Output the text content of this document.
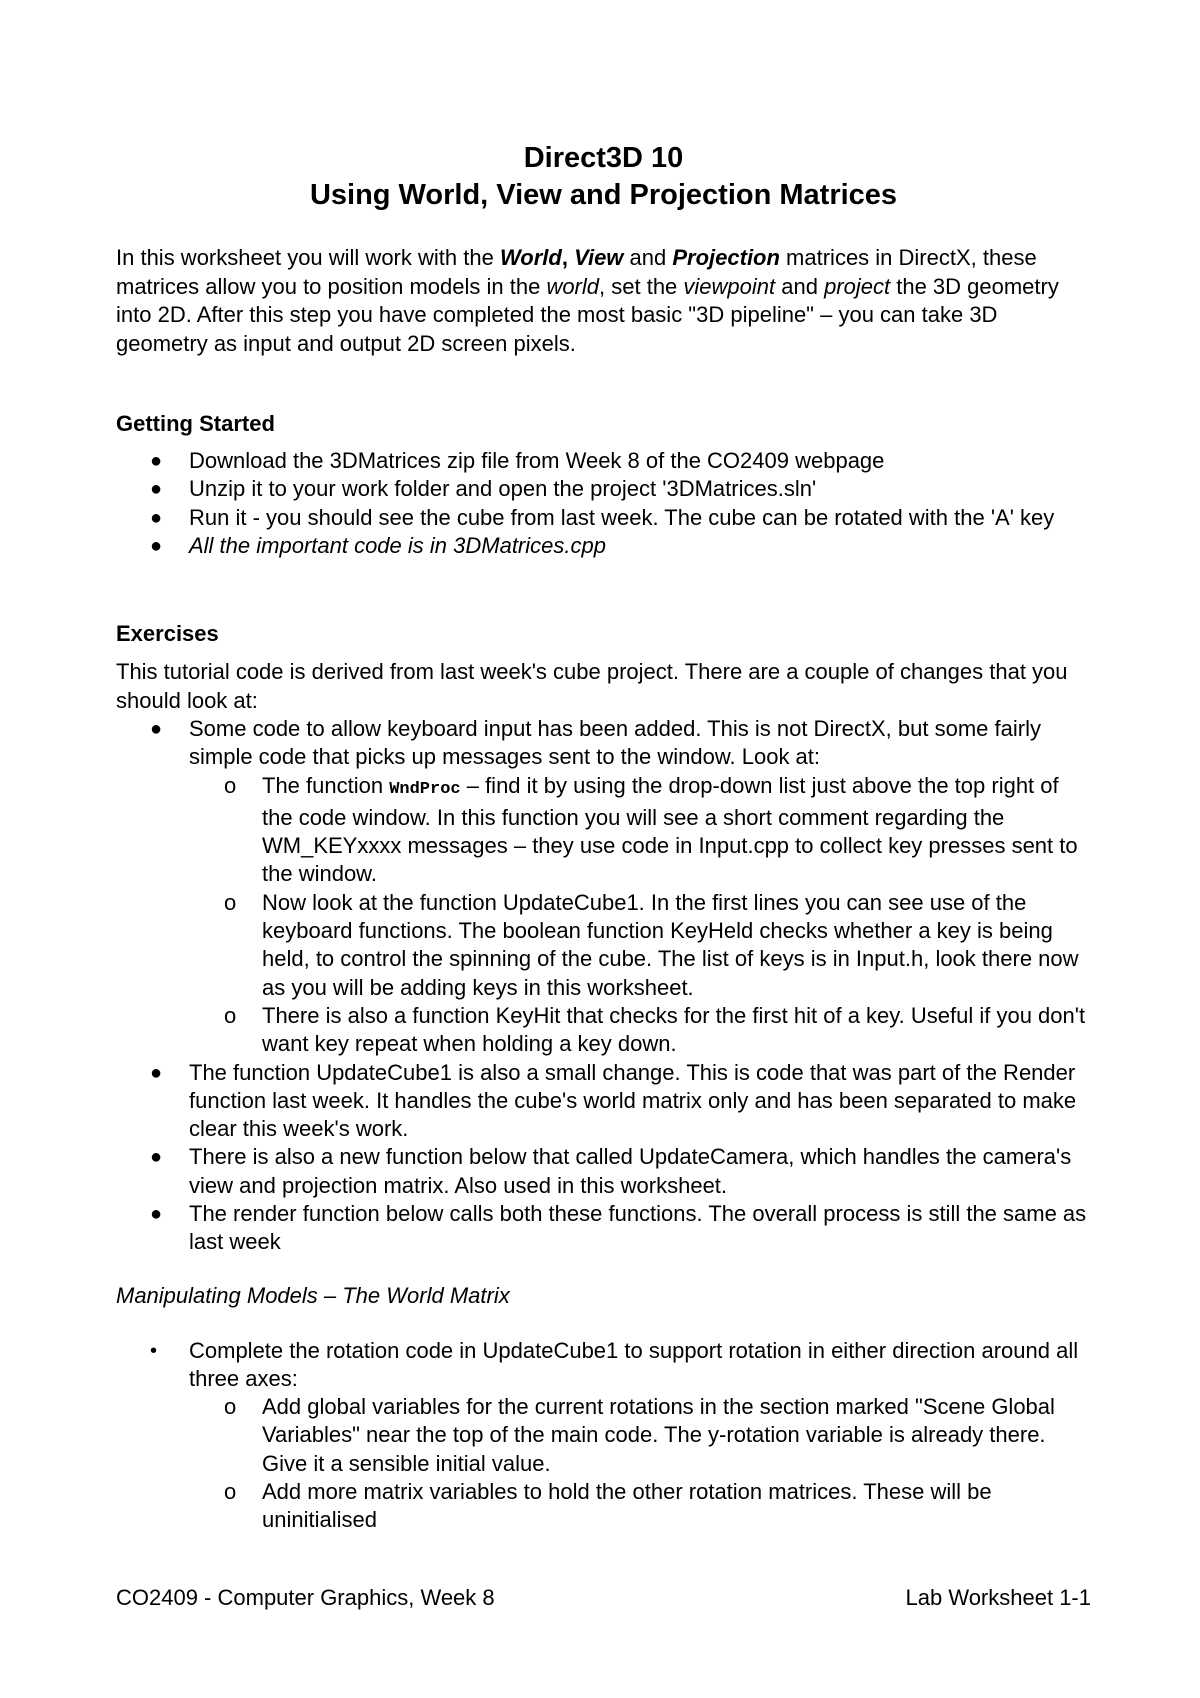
Direct3D 10
Using World, View and Projection Matrices

In this worksheet you will work with the World, View and Projection matrices in DirectX, these matrices allow you to position models in the world, set the viewpoint and project the 3D geometry into 2D. After this step you have completed the most basic "3D pipeline" – you can take 3D geometry as input and output 2D screen pixels.

Getting Started
● Download the 3DMatrices zip file from Week 8 of the CO2409 webpage
● Unzip it to your work folder and open the project '3DMatrices.sln'
● Run it - you should see the cube from last week. The cube can be rotated with the 'A' key
● All the important code is in 3DMatrices.cpp
Exercises

This tutorial code is derived from last week's cube project. There are a couple of changes that you should look at:

● Some code to allow keyboard input has been added. This is not DirectX, but some fairly simple code that picks up messages sent to the window. Look at:
o The function WndProc – find it by using the drop-down list just above the top right of the code window. In this function you will see a short comment regarding the WM_KEYxxxx messages – they use code in Input.cpp to collect key presses sent to the window.
o Now look at the function UpdateCube1. In the first lines you can see use of the keyboard functions. The boolean function KeyHeld checks whether a key is being held, to control the spinning of the cube. The list of keys is in Input.h, look there now as you will be adding keys in this worksheet.
o There is also a function KeyHit that checks for the first hit of a key. Useful if you don't want key repeat when holding a key down.
● The function UpdateCube1 is also a small change. This is code that was part of the Render function last week. It handles the cube's world matrix only and has been separated to make clear this week's work.
● There is also a new function below that called UpdateCamera, which handles the camera's view and projection matrix. Also used in this worksheet.
● The render function below calls both these functions. The overall process is still the same as last week

Manipulating Models – The World Matrix

• Complete the rotation code in UpdateCube1 to support rotation in either direction around all three axes:
o Add global variables for the current rotations in the section marked "Scene Global Variables" near the top of the main code. The y-rotation variable is already there. Give it a sensible initial value.
o Add more matrix variables to hold the other rotation matrices. These will be uninitialised
CO2409 - Computer Graphics, Week 8	Lab Worksheet 1-1
